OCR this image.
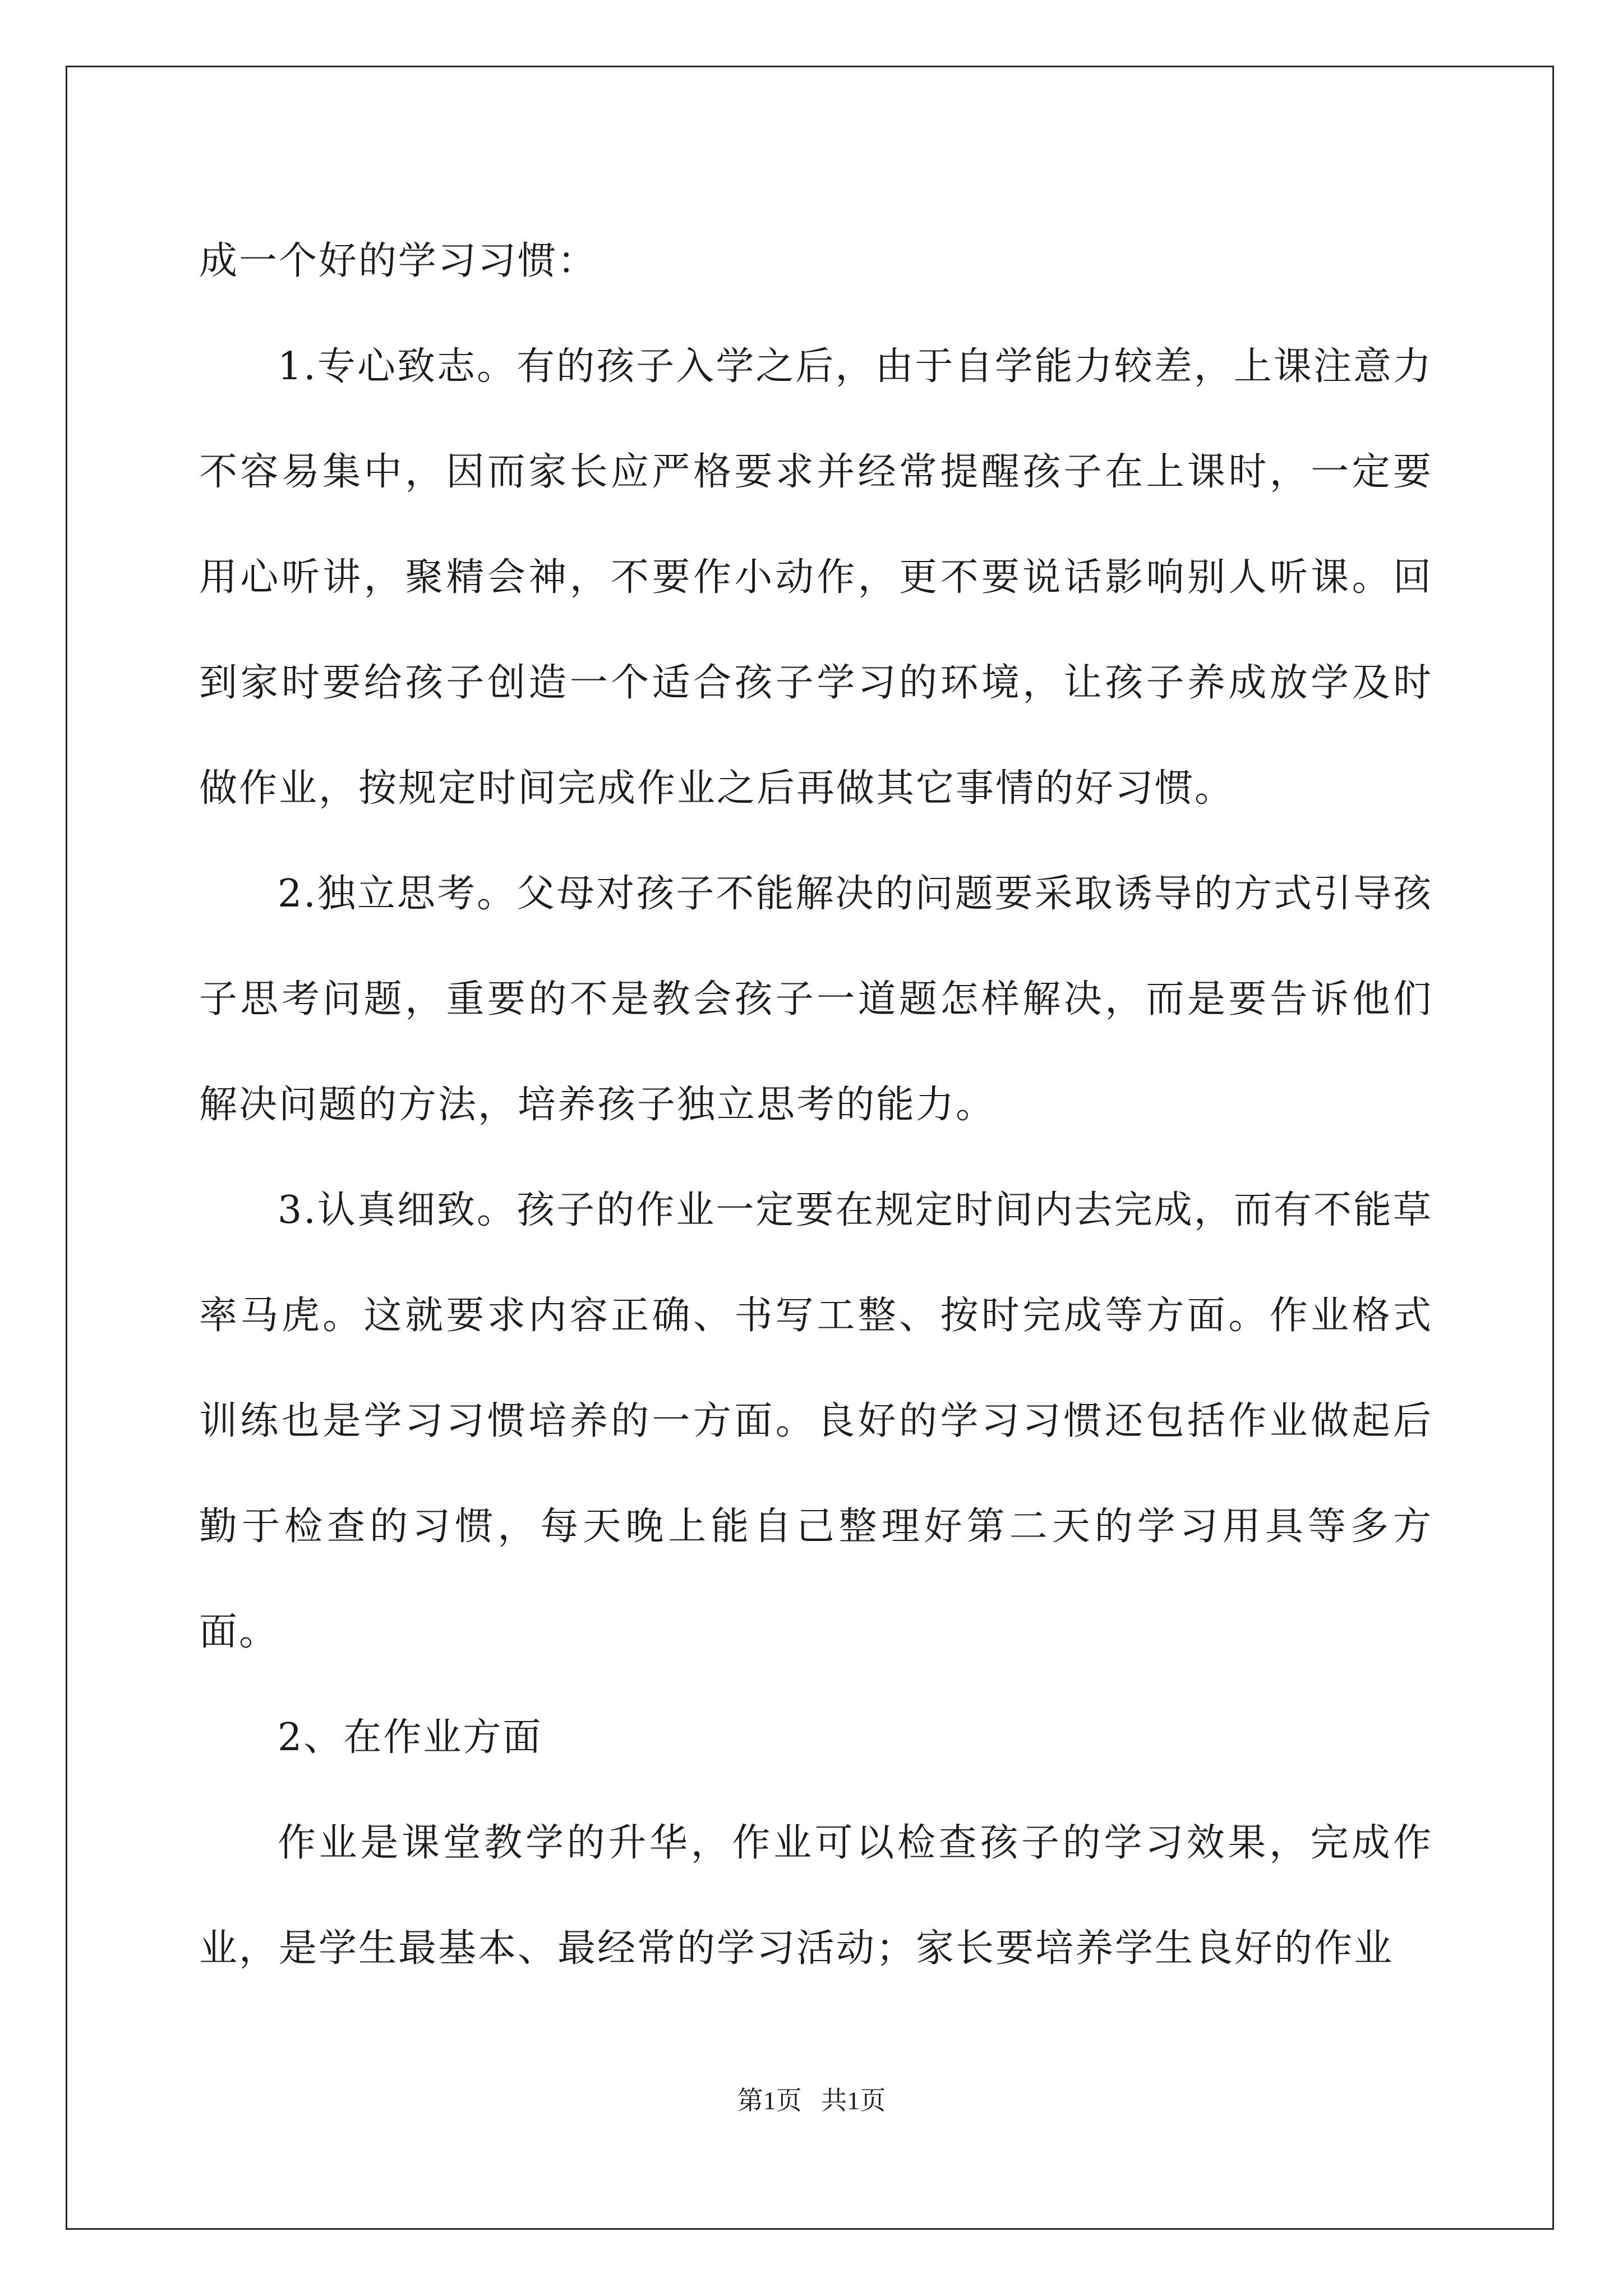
成一个好的学习习惯：

1.专心致志。有的孩子入学之后，由于自学能力较差，上课注意力不容易集中，因而家长应严格要求并经常提醒孩子在上课时，一定要用心听讲，聚精会神，不要作小动作，更不要说话影响别人听课。回到家时要给孩子创造一个适合孩子学习的环境，让孩子养成放学及时做作业，按规定时间完成作业之后再做其它事情的好习惯。

2.独立思考。父母对孩子不能解决的问题要采取诱导的方式引导孩子思考问题，重要的不是教会孩子一道题怎样解决，而是要告诉他们解决问题的方法，培养孩子独立思考的能力。

3.认真细致。孩子的作业一定要在规定时间内去完成，而有不能草率马虎。这就要求内容正确、书写工整、按时完成等方面。作业格式训练也是学习习惯培养的一方面。良好的学习习惯还包括作业做起后勤于检查的习惯，每天晚上能自己整理好第二天的学习用具等多方面。

2、在作业方面

作业是课堂教学的升华，作业可以检查孩子的学习效果，完成作业，是学生最基本、最经常的学习活动；家长要培养学生良好的作业

第1页 共1页
